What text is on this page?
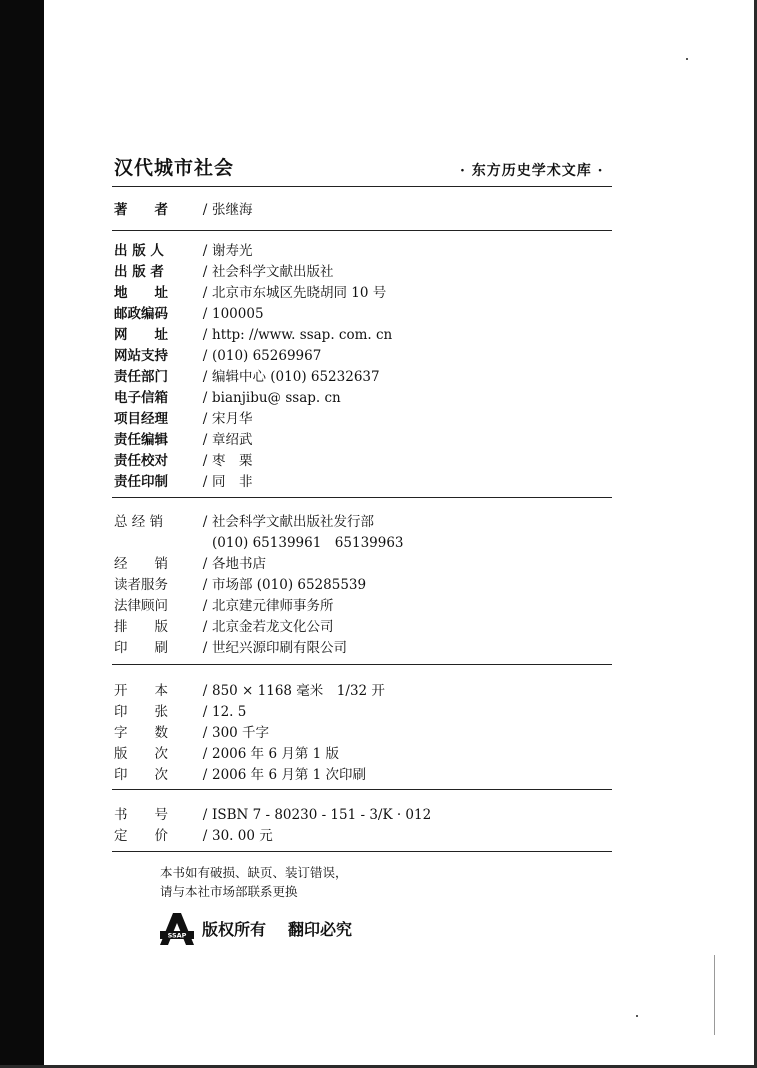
汉代城市社会	· 东方历史学术文库 ·
著　　者	/ 张继海
出 版 人	/ 谢寿光
出 版 者	/ 社会科学文献出版社
地　　址	/ 北京市东城区先晓胡同 10 号
邮政编码	/ 100005
网　　址	/ http: //www. ssap. com. cn
网站支持	/ (010) 65269967
责任部门	/ 编辑中心 (010) 65232637
电子信箱	/ bianjibu@ ssap. cn
项目经理	/ 宋月华
责任编辑	/ 章绍武
责任校对	/ 枣　栗
责任印制	/ 同　非
总 经 销	/ 社会科学文献出版社发行部
(010) 65139961　65139963
经　　销	/ 各地书店
读者服务	/ 市场部 (010) 65285539
法律顾问	/ 北京建元律师事务所
排　　版	/ 北京金若龙文化公司
印　　刷	/ 世纪兴源印刷有限公司
开　　本	/ 850 × 1168 毫米　1/32 开
印　　张	/ 12. 5
字　　数	/ 300 千字
版　　次	/ 2006 年 6 月第 1 版
印　　次	/ 2006 年 6 月第 1 次印刷
书　　号	/ ISBN 7 - 80230 - 151 - 3/K · 012
定　　价	/ 30. 00 元
本书如有破损、缺页、装订错误，
请与本社市场部联系更换
SSAP 版权所有 翻印必究
